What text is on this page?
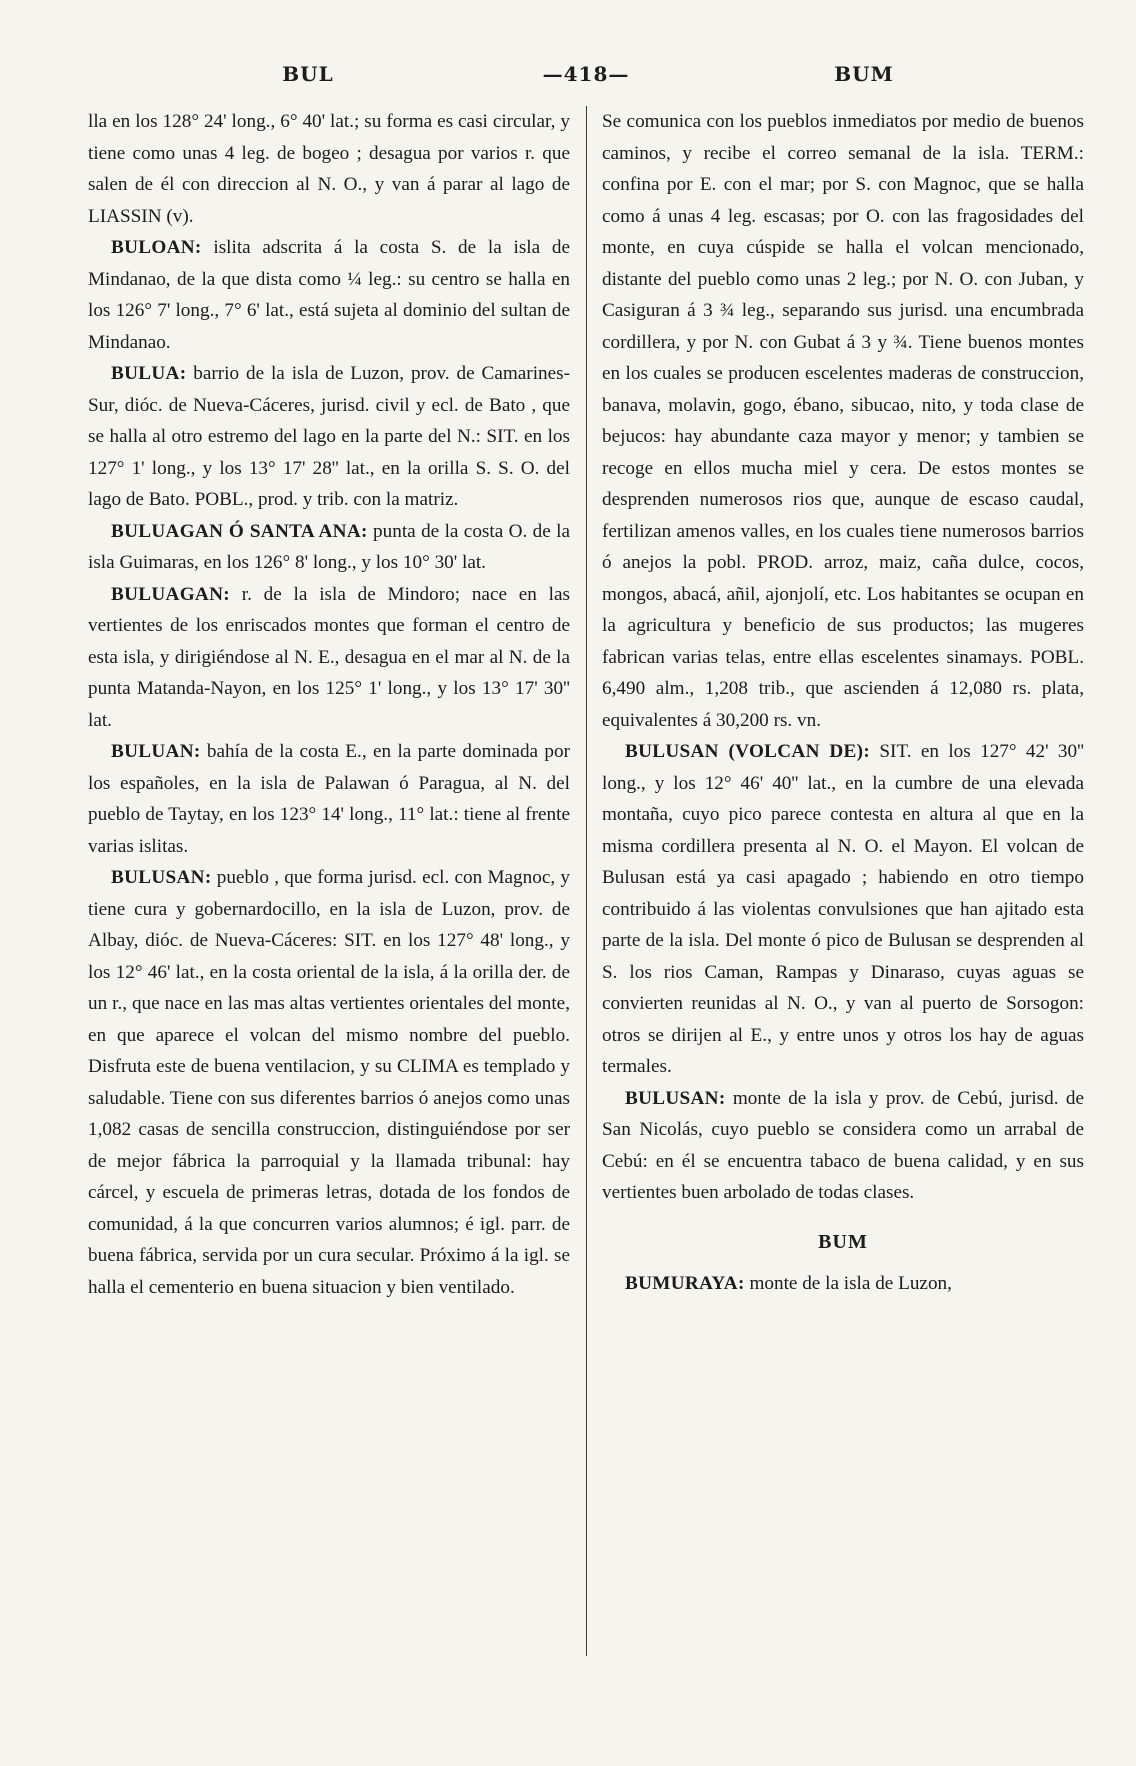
BUL	—418—	BUM

lla en los 128° 24' long., 6° 40' lat.; su forma es casi circular, y tiene como unas 4 leg. de bogeo ; desagua por varios r. que salen de él con direccion al N. O., y van á parar al lago de LIASSIN (v).

BULOAN: islita adscrita á la costa S. de la isla de Mindanao, de la que dista como ¼ leg.: su centro se halla en los 126° 7' long., 7° 6' lat., está sujeta al dominio del sultan de Mindanao.

BULUA: barrio de la isla de Luzon, prov. de Camarines-Sur, dióc. de Nueva-Cáceres, jurisd. civil y ecl. de Bato , que se halla al otro estremo del lago en la parte del N.: SIT. en los 127° 1' long., y los 13° 17' 28'' lat., en la orilla S. S. O. del lago de Bato. POBL., prod. y trib. con la matriz.

BULUAGAN Ó SANTA ANA: punta de la costa O. de la isla Guimaras, en los 126° 8' long., y los 10° 30' lat.

BULUAGAN: r. de la isla de Mindoro; nace en las vertientes de los enriscados montes que forman el centro de esta isla, y dirigiéndose al N. E., desagua en el mar al N. de la punta Matanda-Nayon, en los 125° 1' long., y los 13° 17' 30'' lat.

BULUAN: bahía de la costa E., en la parte dominada por los españoles, en la isla de Palawan ó Paragua, al N. del pueblo de Taytay, en los 123° 14' long., 11° lat.: tiene al frente varias islitas.

BULUSAN: pueblo , que forma jurisd. ecl. con Magnoc, y tiene cura y gobernardocillo, en la isla de Luzon, prov. de Albay, dióc. de Nueva-Cáceres: SIT. en los 127° 48' long., y los 12° 46' lat., en la costa oriental de la isla, á la orilla der. de un r., que nace en las mas altas vertientes orientales del monte, en que aparece el volcan del mismo nombre del pueblo. Disfruta este de buena ventilacion, y su CLIMA es templado y saludable. Tiene con sus diferentes barrios ó anejos como unas 1,082 casas de sencilla construccion, distinguiéndose por ser de mejor fábrica la parroquial y la llamada tribunal: hay cárcel, y escuela de primeras letras, dotada de los fondos de comunidad, á la que concurren varios alumnos; é igl. parr. de buena fábrica, servida por un cura secular. Próximo á la igl. se halla el cementerio en buena situacion y bien ventilado.

Se comunica con los pueblos inmediatos por medio de buenos caminos, y recibe el correo semanal de la isla. TERM.: confina por E. con el mar; por S. con Magnoc, que se halla como á unas 4 leg. escasas; por O. con las fragosidades del monte, en cuya cúspide se halla el volcan mencionado, distante del pueblo como unas 2 leg.; por N. O. con Juban, y Casiguran á 3 ¾ leg., separando sus jurisd. una encumbrada cordillera, y por N. con Gubat á 3 y ¾. Tiene buenos montes en los cuales se producen escelentes maderas de construccion, banava, molavin, gogo, ébano, sibucao, nito, y toda clase de bejucos: hay abundante caza mayor y menor; y tambien se recoge en ellos mucha miel y cera. De estos montes se desprenden numerosos rios que, aunque de escaso caudal, fertilizan amenos valles, en los cuales tiene numerosos barrios ó anejos la pobl. PROD. arroz, maiz, caña dulce, cocos, mongos, abacá, añil, ajonjolí, etc. Los habitantes se ocupan en la agricultura y beneficio de sus productos; las mugeres fabrican varias telas, entre ellas escelentes sinamays. POBL. 6,490 alm., 1,208 trib., que ascienden á 12,080 rs. plata, equivalentes á 30,200 rs. vn.

BULUSAN (VOLCAN DE): SIT. en los 127° 42' 30'' long., y los 12° 46' 40'' lat., en la cumbre de una elevada montaña, cuyo pico parece contesta en altura al que en la misma cordillera presenta al N. O. el Mayon. El volcan de Bulusan está ya casi apagado ; habiendo en otro tiempo contribuido á las violentas convulsiones que han ajitado esta parte de la isla. Del monte ó pico de Bulusan se desprenden al S. los rios Caman, Rampas y Dinaraso, cuyas aguas se convierten reunidas al N. O., y van al puerto de Sorsogon: otros se dirijen al E., y entre unos y otros los hay de aguas termales.

BULUSAN: monte de la isla y prov. de Cebú, jurisd. de San Nicolás, cuyo pueblo se considera como un arrabal de Cebú: en él se encuentra tabaco de buena calidad, y en sus vertientes buen arbolado de todas clases.

BUM

BUMURAYA: monte de la isla de Luzon,
